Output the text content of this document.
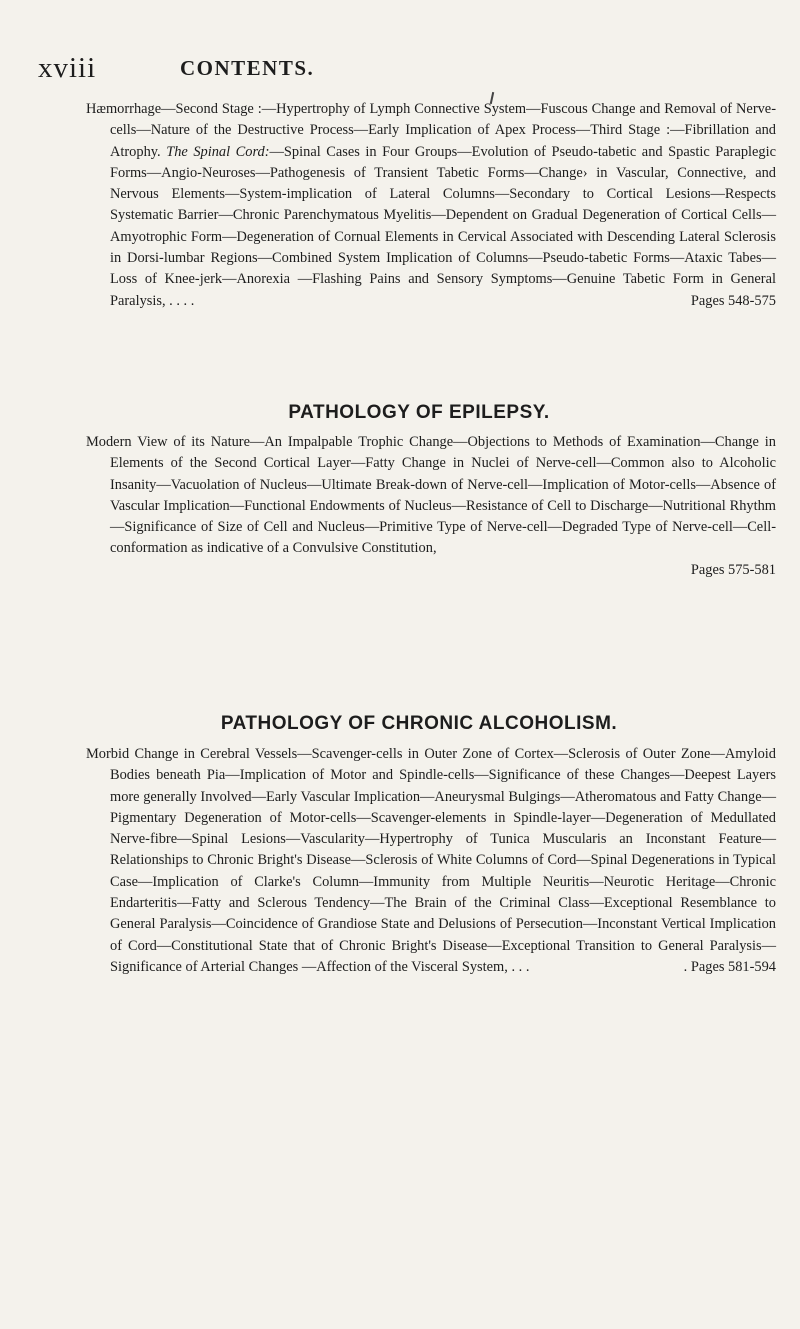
xviii	CONTENTS.
Hæmorrhage—Second Stage :—Hypertrophy of Lymph Connective System—Fuscous Change and Removal of Nerve-cells—Nature of the Destructive Process—Early Implication of Apex Process—Third Stage :—Fibrillation and Atrophy. The Spinal Cord:—Spinal Cases in Four Groups—Evolution of Pseudo-tabetic and Spastic Paraplegic Forms—Angio-Neuroses—Pathogenesis of Transient Tabetic Forms—Change› in Vascular, Connective, and Nervous Elements—System-implication of Lateral Columns—Secondary to Cortical Lesions—Respects Systematic Barrier—Chronic Parenchymatous Myelitis—Dependent on Gradual Degeneration of Cortical Cells—Amyotrophic Form—Degeneration of Cornual Elements in Cervical Associated with Descending Lateral Sclerosis in Dorsi-lumbar Regions—Combined System Implication of Columns—Pseudo-tabetic Forms—Ataxic Tabes—Loss of Knee-jerk—Anorexia —Flashing Pains and Sensory Symptoms—Genuine Tabetic Form in General Paralysis, . . . .	Pages 548-575
PATHOLOGY OF EPILEPSY.
Modern View of its Nature—An Impalpable Trophic Change—Objections to Methods of Examination—Change in Elements of the Second Cortical Layer—Fatty Change in Nuclei of Nerve-cell—Common also to Alcoholic Insanity—Vacuolation of Nucleus—Ultimate Break-down of Nerve-cell—Implication of Motor-cells—Absence of Vascular Implication—Functional Endowments of Nucleus—Resistance of Cell to Discharge—Nutritional Rhythm—Significance of Size of Cell and Nucleus—Primitive Type of Nerve-cell—Degraded Type of Nerve-cell—Cell-conformation as indicative of a Convulsive Constitution,
Pages 575-581
PATHOLOGY OF CHRONIC ALCOHOLISM.
Morbid Change in Cerebral Vessels—Scavenger-cells in Outer Zone of Cortex—Sclerosis of Outer Zone—Amyloid Bodies beneath Pia—Implication of Motor and Spindle-cells—Significance of these Changes—Deepest Layers more generally Involved—Early Vascular Implication—Aneurysmal Bulgings—Atheromatous and Fatty Change—Pigmentary Degeneration of Motor-cells—Scavenger-elements in Spindle-layer—Degeneration of Medullated Nerve-fibre—Spinal Lesions—Vascularity—Hypertrophy of Tunica Muscularis an Inconstant Feature—Relationships to Chronic Bright's Disease—Sclerosis of White Columns of Cord—Spinal Degenerations in Typical Case—Implication of Clarke's Column—Immunity from Multiple Neuritis—Neurotic Heritage—Chronic Endarteritis—Fatty and Sclerous Tendency—The Brain of the Criminal Class—Exceptional Resemblance to General Paralysis—Coincidence of Grandiose State and Delusions of Persecution—Inconstant Vertical Implication of Cord—Constitutional State that of Chronic Bright's Disease—Exceptional Transition to General Paralysis—Significance of Arterial Changes —Affection of the Visceral System, . . .	. Pages 581-594
